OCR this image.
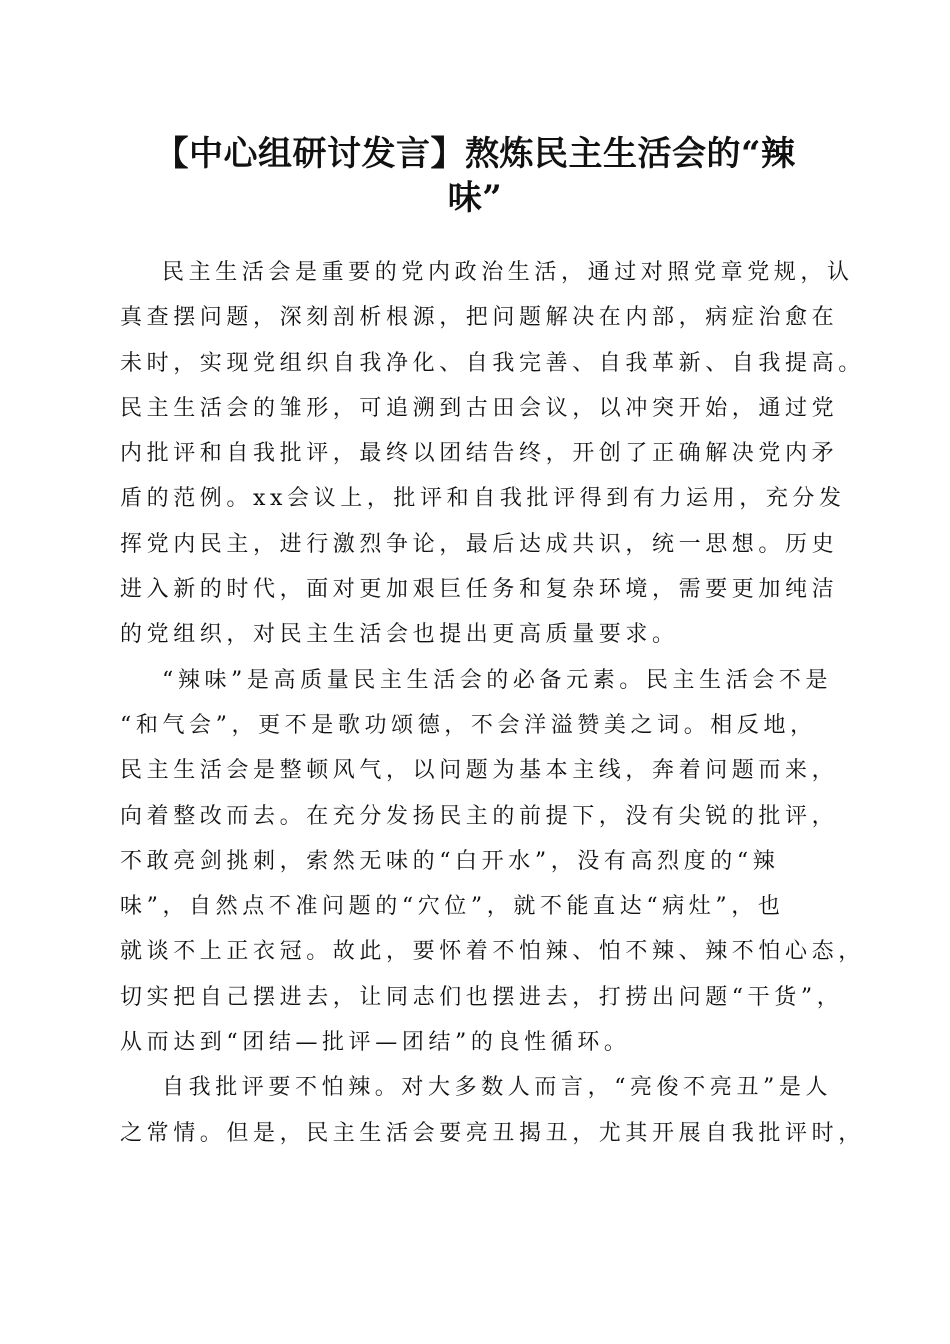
【中心组研讨发言】熬炼民主生活会的“辣
味”
民主生活会是重要的党内政治生活，通过对照党章党规，认
真查摆问题，深刻剖析根源，把问题解决在内部，病症治愈在
未时，实现党组织自我净化、自我完善、自我革新、自我提高。
民主生活会的雏形，可追溯到古田会议，以冲突开始，通过党
内批评和自我批评，最终以团结告终，开创了正确解决党内矛
盾的范例。xx会议上，批评和自我批评得到有力运用，充分发
挥党内民主，进行激烈争论，最后达成共识，统一思想。历史
进入新的时代，面对更加艰巨任务和复杂环境，需要更加纯洁
的党组织，对民主生活会也提出更高质量要求。
“辣味”是高质量民主生活会的必备元素。民主生活会不是
“和气会”，更不是歌功颂德，不会洋溢赞美之词。相反地，
民主生活会是整顿风气，以问题为基本主线，奔着问题而来，
向着整改而去。在充分发扬民主的前提下，没有尖锐的批评，
不敢亮剑挑刺，索然无味的“白开水”，没有高烈度的“辣
味”，自然点不准问题的“穴位”，就不能直达“病灶”，也
就谈不上正衣冠。故此，要怀着不怕辣、怕不辣、辣不怕心态，
切实把自己摆进去，让同志们也摆进去，打捞出问题“干货”，
从而达到“团结—批评—团结”的良性循环。
自我批评要不怕辣。对大多数人而言，“亮俊不亮丑”是人
之常情。但是，民主生活会要亮丑揭丑，尤其开展自我批评时，
